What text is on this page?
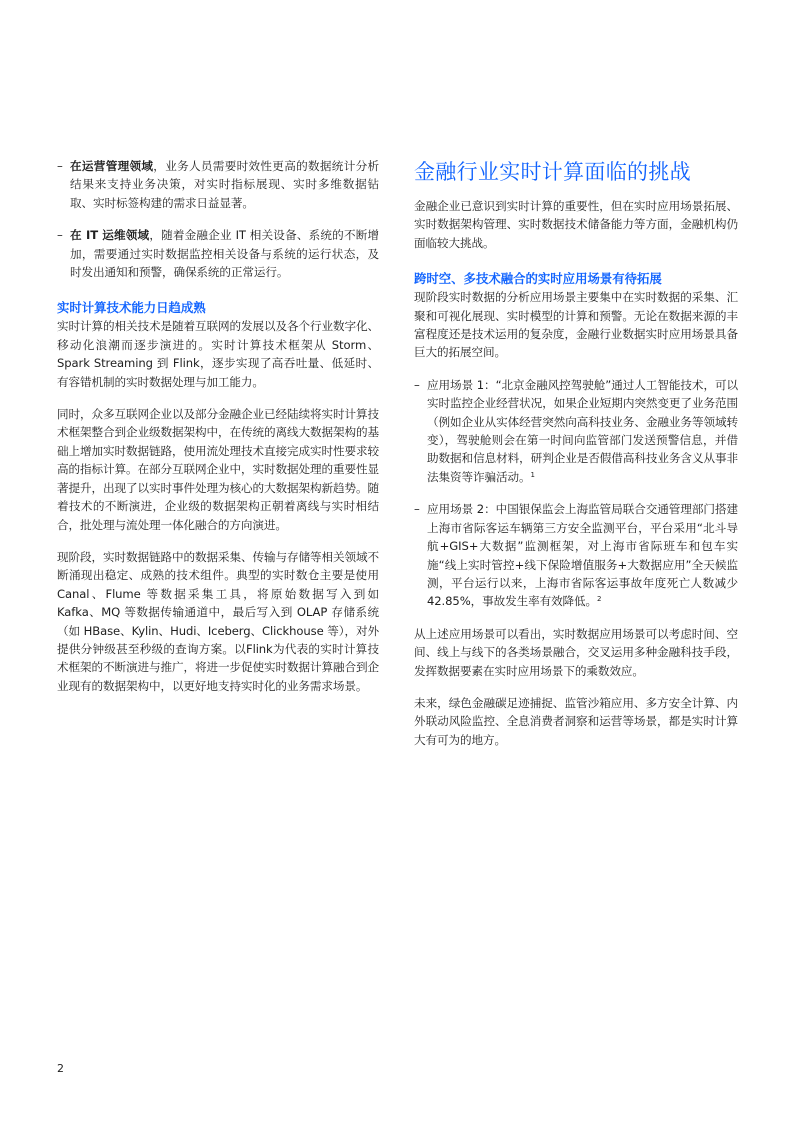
– 在运营管理领域，业务人员需要时效性更高的数据统计分析结果来支持业务决策，对实时指标展现、实时多维数据钻取、实时标签构建的需求日益显著。

– 在 IT 运维领域，随着金融企业 IT 相关设备、系统的不断增加，需要通过实时数据监控相关设备与系统的运行状态，及时发出通知和预警，确保系统的正常运行。

实时计算技术能力日趋成熟

实时计算的相关技术是随着互联网的发展以及各个行业数字化、移动化浪潮而逐步演进的。实时计算技术框架从 Storm、Spark Streaming 到 Flink，逐步实现了高吞吐量、低延时、有容错机制的实时数据处理与加工能力。

同时，众多互联网企业以及部分金融企业已经陆续将实时计算技术框架整合到企业级数据架构中，在传统的离线大数据架构的基础上增加实时数据链路，使用流处理技术直接完成实时性要求较高的指标计算。在部分互联网企业中，实时数据处理的重要性显著提升，出现了以实时事件处理为核心的大数据架构新趋势。随着技术的不断演进，企业级的数据架构正朝着离线与实时相结合，批处理与流处理一体化融合的方向演进。

现阶段，实时数据链路中的数据采集、传输与存储等相关领域不断涌现出稳定、成熟的技术组件。典型的实时数仓主要是使用 Canal、Flume 等数据采集工具，将原始数据写入到如 Kafka、MQ 等数据传输通道中，最后写入到 OLAP 存储系统（如 HBase、Kylin、Hudi、Iceberg、Clickhouse 等），对外提供分钟级甚至秒级的查询方案。以Flink为代表的实时计算技术框架的不断演进与推广，将进一步促使实时数据计算融合到企业现有的数据架构中，以更好地支持实时化的业务需求场景。

金融行业实时计算面临的挑战

金融企业已意识到实时计算的重要性，但在实时应用场景拓展、实时数据架构管理、实时数据技术储备能力等方面，金融机构仍面临较大挑战。

跨时空、多技术融合的实时应用场景有待拓展

现阶段实时数据的分析应用场景主要集中在实时数据的采集、汇聚和可视化展现、实时模型的计算和预警。无论在数据来源的丰富程度还是技术运用的复杂度，金融行业数据实时应用场景具备巨大的拓展空间。

– 应用场景 1：“北京金融风控驾驶舱”通过人工智能技术，可以实时监控企业经营状况，如果企业短期内突然变更了业务范围（例如企业从实体经营突然向高科技业务、金融业务等领域转变），驾驶舱则会在第一时间向监管部门发送预警信息，并借助数据和信息材料，研判企业是否假借高科技业务含义从事非法集资等诈骗活动。$^1$

– 应用场景 2：中国银保监会上海监管局联合交通管理部门搭建上海市省际客运车辆第三方安全监测平台，平台采用“北斗导航+GIS+大数据”监测框架，对上海市省际班车和包车实施“线上实时管控+线下保险增值服务+大数据应用”全天候监测，平台运行以来，上海市省际客运事故年度死亡人数减少 42.85%，事故发生率有效降低。$^2$

从上述应用场景可以看出，实时数据应用场景可以考虑时间、空间、线上与线下的各类场景融合，交叉运用多种金融科技手段，发挥数据要素在实时应用场景下的乘数效应。

未来，绿色金融碳足迹捕捉、监管沙箱应用、多方安全计算、内外联动风险监控、全息消费者洞察和运营等场景，都是实时计算大有可为的地方。

2
